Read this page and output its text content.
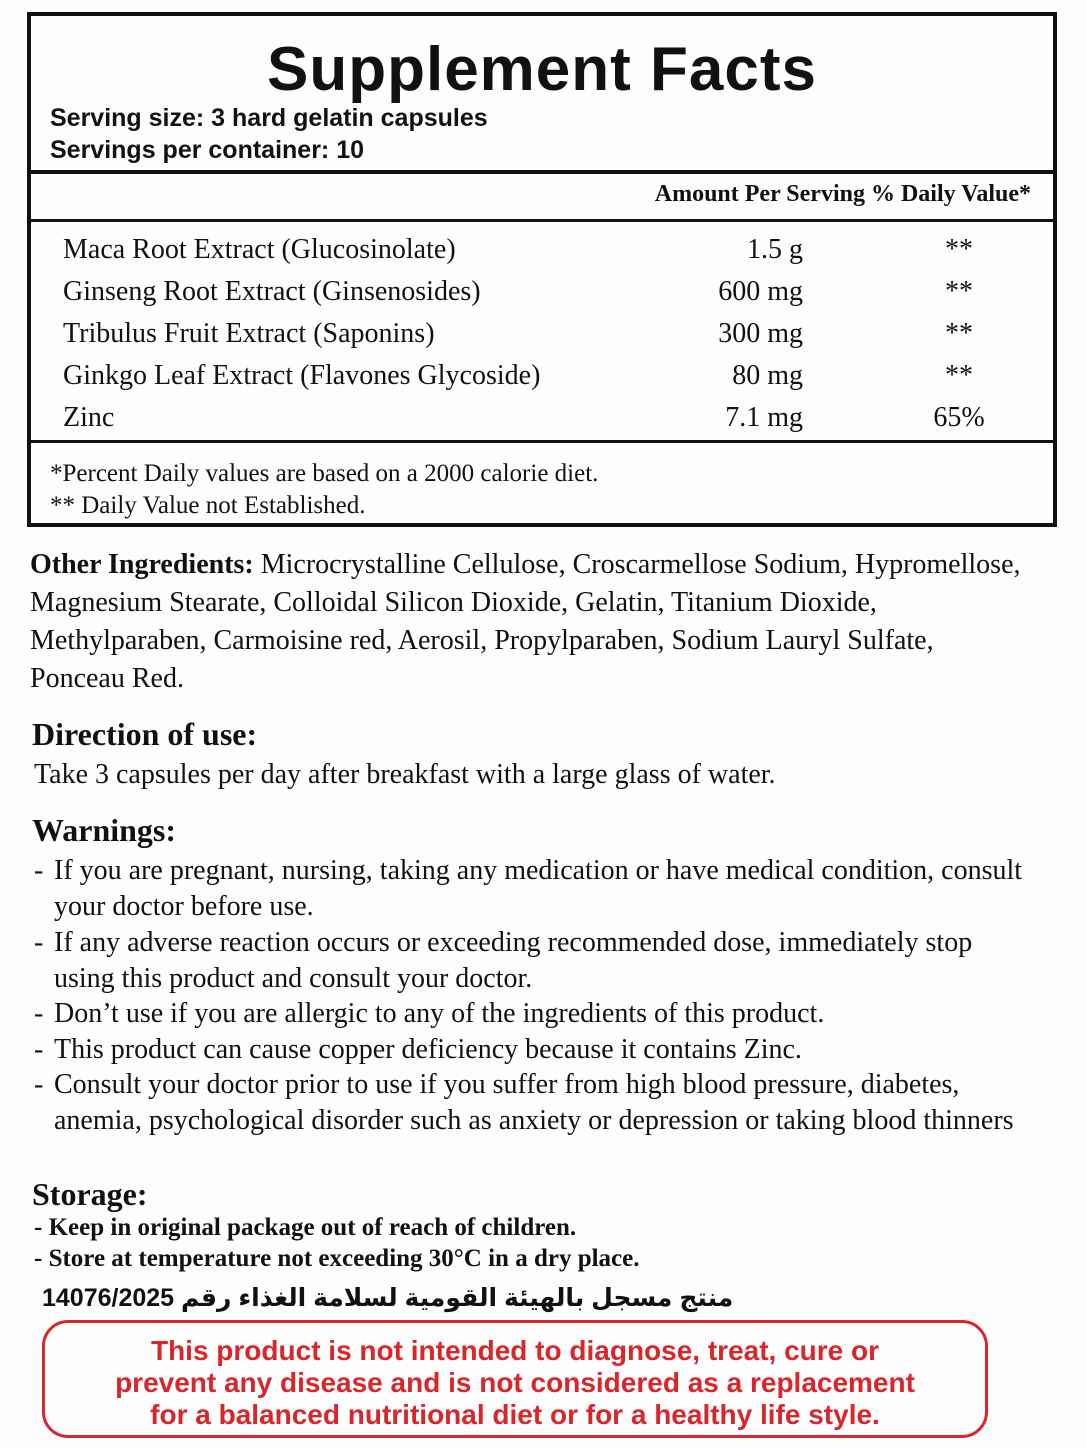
Supplement Facts
Serving size: 3 hard gelatin capsules
Servings per container: 10
Amount Per Serving % Daily Value*
Maca Root Extract (Glucosinolate)	1.5 g	**
Ginseng Root Extract (Ginsenosides)	600 mg	**
Tribulus Fruit Extract (Saponins)	300 mg	**
Ginkgo Leaf Extract (Flavones Glycoside)	80 mg	**
Zinc	7.1 mg	65%
*Percent Daily values are based on a 2000 calorie diet.
** Daily Value not Established.
Other Ingredients: Microcrystalline Cellulose, Croscarmellose Sodium, Hypromellose, Magnesium Stearate, Colloidal Silicon Dioxide, Gelatin, Titanium Dioxide, Methylparaben, Carmoisine red, Aerosil, Propylparaben, Sodium Lauryl Sulfate, Ponceau Red.
Direction of use:
Take 3 capsules per day after breakfast with a large glass of water.
Warnings:
- If you are pregnant, nursing, taking any medication or have medical condition, consult your doctor before use.
- If any adverse reaction occurs or exceeding recommended dose, immediately stop using this product and consult your doctor.
- Don’t use if you are allergic to any of the ingredients of this product.
- This product can cause copper deficiency because it contains Zinc.
- Consult your doctor prior to use if you suffer from high blood pressure, diabetes, anemia, psychological disorder such as anxiety or depression or taking blood thinners
Storage:
- Keep in original package out of reach of children.
- Store at temperature not exceeding 30°C in a dry place.
14076/2025 منتج مسجل بالهيئة القومية لسلامة الغذاء رقم
This product is not intended to diagnose, treat, cure or
prevent any disease and is not considered as a replacement
for a balanced nutritional diet or for a healthy life style.
